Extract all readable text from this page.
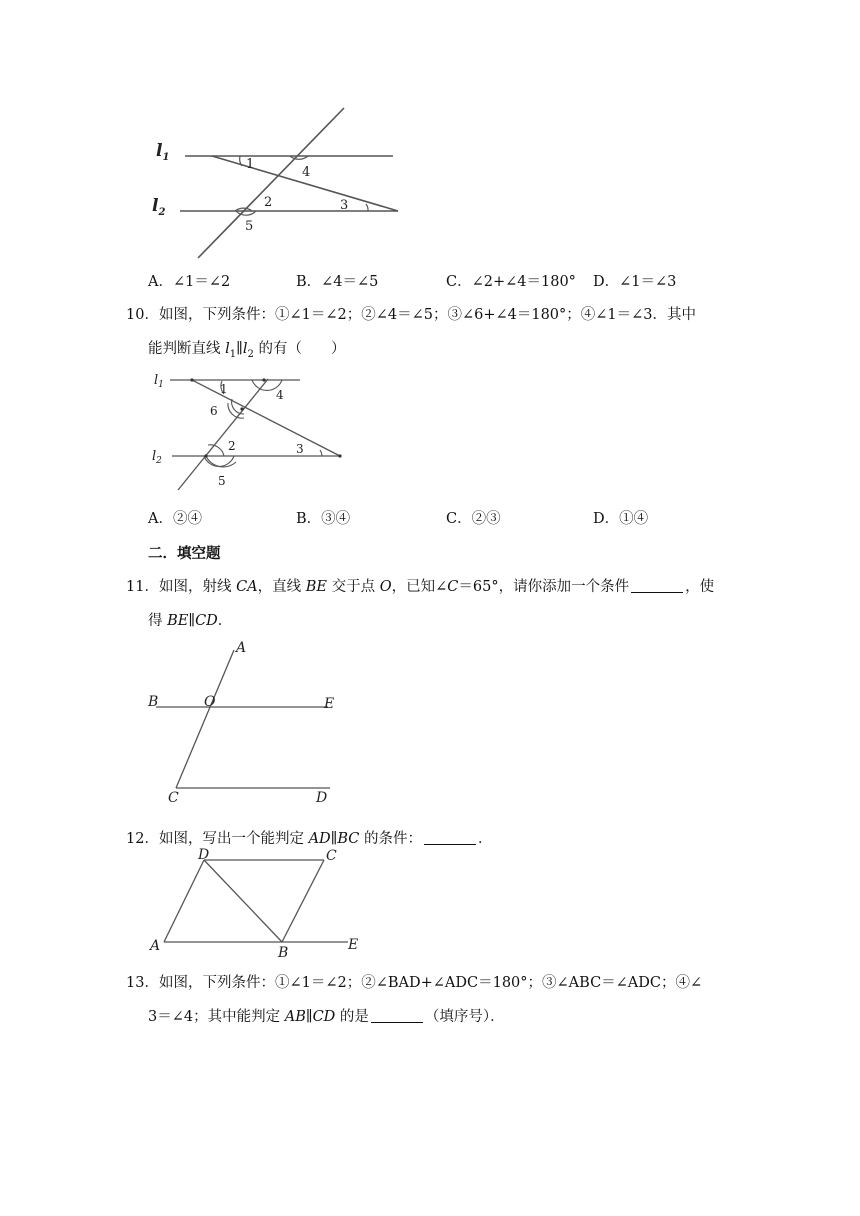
$l_1$
$l_2$
1
4
2	3
5
A．∠1＝∠2	B．∠4＝∠5	C．∠2+∠4＝180° D．∠1＝∠3
10．如图，下列条件：①∠1＝∠2；②∠4＝∠5；③∠6+∠4＝180°；④∠1＝∠3．其中
能判断直线 $l_1\parallel l_2$ 的有（　　）
$l_1$
$l_2$
1	4
6
2	3
5
A．②④	B．③④	C．②③	D．①④
二．填空题
11．如图，射线 CA，直线 BE 交于点 O，已知∠C＝65°，请你添加一个条件	，使
得 BE∥CD．
A
B	O	E
C	D
12．如图，写出一个能判定 AD∥BC 的条件：	．
D	C
A	B	E
13．如图，下列条件：①∠1＝∠2；②∠BAD+∠ADC＝180°；③∠ABC＝∠ADC；④∠
3＝∠4；其中能判定 AB∥CD 的是	（填序号）．
